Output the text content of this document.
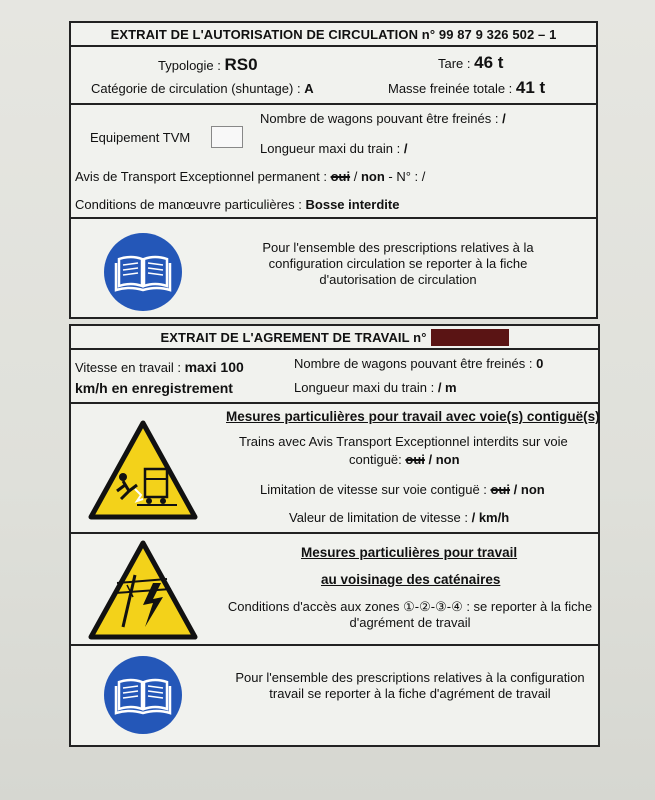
EXTRAIT DE L'AUTORISATION DE CIRCULATION n° 99 87 9 326 502 – 1
Typologie : RS0	Tare : 46 t
Catégorie de circulation (shuntage) : A	Masse freinée totale : 41 t
Equipement TVM
Nombre de wagons pouvant être freinés : /
Longueur maxi du train : /
Avis de Transport Exceptionnel permanent : oui / non - N° : /
Conditions de manœuvre particulières : Bosse interdite
Pour l'ensemble des prescriptions relatives à la configuration circulation se reporter à la fiche d'autorisation de circulation
EXTRAIT DE L'AGREMENT DE TRAVAIL n°
Vitesse en travail : maxi 100
km/h en enregistrement
Nombre de wagons pouvant être freinés : 0
Longueur maxi du train : / m
Mesures particulières pour travail avec voie(s) contiguë(s)
Trains avec Avis Transport Exceptionnel interdits sur voie
contiguë: oui / non
Limitation de vitesse sur voie contiguë : oui / non
Valeur de limitation de vitesse : / km/h
Mesures particulières pour travail
au voisinage des caténaires
Conditions d'accès aux zones ①-②-③-④ : se reporter à la fiche d'agrément de travail
Pour l'ensemble des prescriptions relatives à la configuration travail se reporter à la fiche d'agrément de travail
